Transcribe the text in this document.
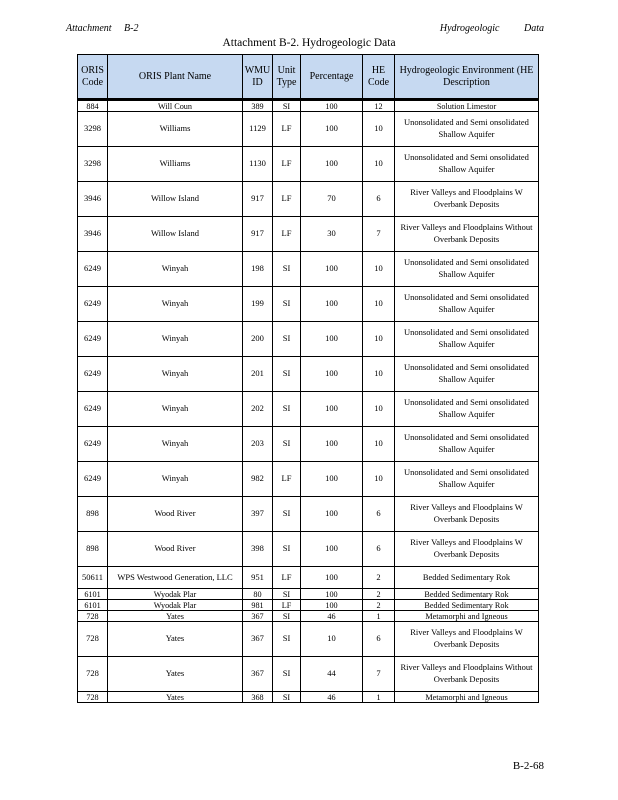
Attachment B-2	Hydrogeologic Data
Attachment B-2. Hydrogeologic Data
ORIS Code	ORIS Plant Name	WMU ID	Unit Type	Percentage	HE Code	Hydrogeologic Environment (HE Description
884	Will Coun	389	SI	100	12	Solution Limestor
3298	Williams	1129	LF	100	10	Unonsolidated and Semi onsolidated Shallow Aquifer
3298	Williams	1130	LF	100	10	Unonsolidated and Semi onsolidated Shallow Aquifer
3946	Willow Island	917	LF	70	6	River Valleys and Floodplains W Overbank Deposits
3946	Willow Island	917	LF	30	7	River Valleys and Floodplains Without Overbank Deposits
6249	Winyah	198	SI	100	10	Unonsolidated and Semi onsolidated Shallow Aquifer
6249	Winyah	199	SI	100	10	Unonsolidated and Semi onsolidated Shallow Aquifer
6249	Winyah	200	SI	100	10	Unonsolidated and Semi onsolidated Shallow Aquifer
6249	Winyah	201	SI	100	10	Unonsolidated and Semi onsolidated Shallow Aquifer
6249	Winyah	202	SI	100	10	Unonsolidated and Semi onsolidated Shallow Aquifer
6249	Winyah	203	SI	100	10	Unonsolidated and Semi onsolidated Shallow Aquifer
6249	Winyah	982	LF	100	10	Unonsolidated and Semi onsolidated Shallow Aquifer
898	Wood River	397	SI	100	6	River Valleys and Floodplains W Overbank Deposits
898	Wood River	398	SI	100	6	River Valleys and Floodplains W Overbank Deposits
50611	WPS Westwood Generation, LLC	951	LF	100	2	Bedded Sedimentary Rok
6101	Wyodak Plar	80	SI	100	2	Bedded Sedimentary Rok
6101	Wyodak Plar	981	LF	100	2	Bedded Sedimentary Rok
728	Yates	367	SI	46	1	Metamorphi and Igneous
728	Yates	367	SI	10	6	River Valleys and Floodplains W Overbank Deposits
728	Yates	367	SI	44	7	River Valleys and Floodplains Without Overbank Deposits
728	Yates	368	SI	46	1	Metamorphi and Igneous
B-2-68
